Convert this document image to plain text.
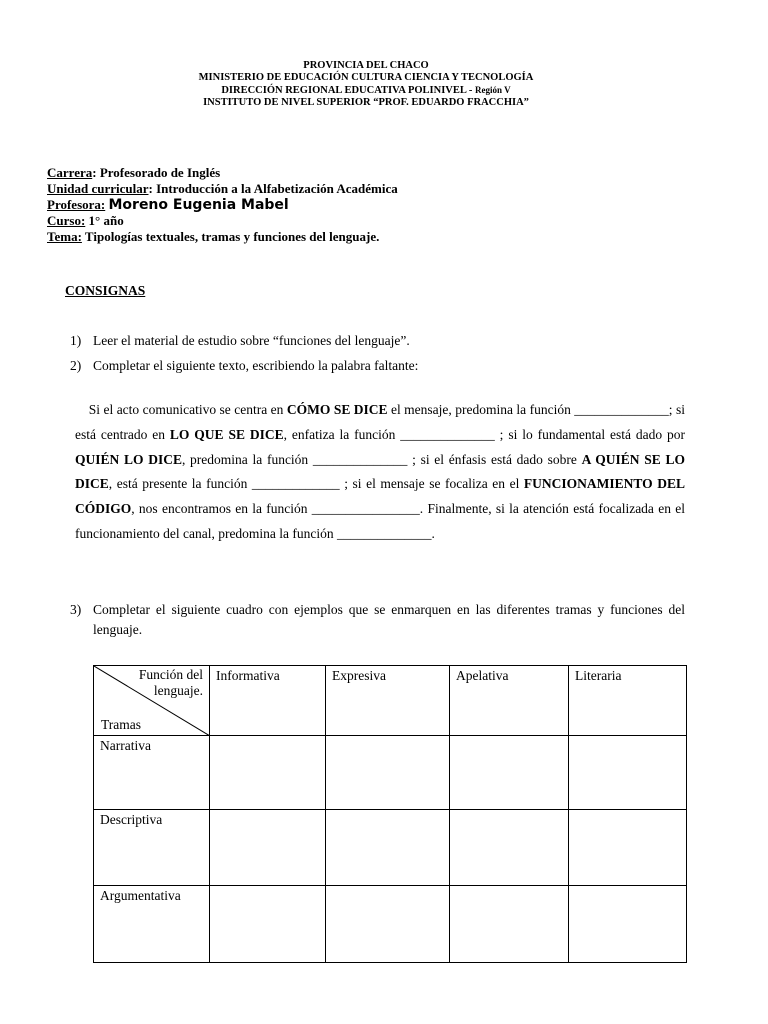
PROVINCIA DEL CHACO
MINISTERIO DE EDUCACIÓN CULTURA CIENCIA Y TECNOLOGÍA
DIRECCIÓN REGIONAL EDUCATIVA POLINIVEL - Región V
INSTITUTO DE NIVEL SUPERIOR “PROF. EDUARDO FRACCHIA”
Carrera: Profesorado de Inglés
Unidad curricular: Introducción a la Alfabetización Académica
Profesora: Moreno Eugenia Mabel
Curso: 1° año
Tema: Tipologías textuales, tramas y funciones del lenguaje.
CONSIGNAS
1) Leer el material de estudio sobre “funciones del lenguaje”.
2) Completar el siguiente texto, escribiendo la palabra faltante:
Si el acto comunicativo se centra en CÓMO SE DICE el mensaje, predomina la función ______________; si está centrado en LO QUE SE DICE, enfatiza la función ______________ ; si lo fundamental está dado por QUIÉN LO DICE, predomina la función ______________ ; si el énfasis está dado sobre A QUIÉN SE LO DICE, está presente la función _____________ ; si el mensaje se focaliza en el FUNCIONAMIENTO DEL CÓDIGO, nos encontramos en la función ________________. Finalmente, si la atención está focalizada en el funcionamiento del canal, predomina la función ______________.
3) Completar el siguiente cuadro con ejemplos que se enmarquen en las diferentes tramas y funciones del lenguaje.
Función del
lenguaje.
Tramas	Informativa	Expresiva	Apelativa	Literaria
Narrativa				
Descriptiva				
Argumentativa				
